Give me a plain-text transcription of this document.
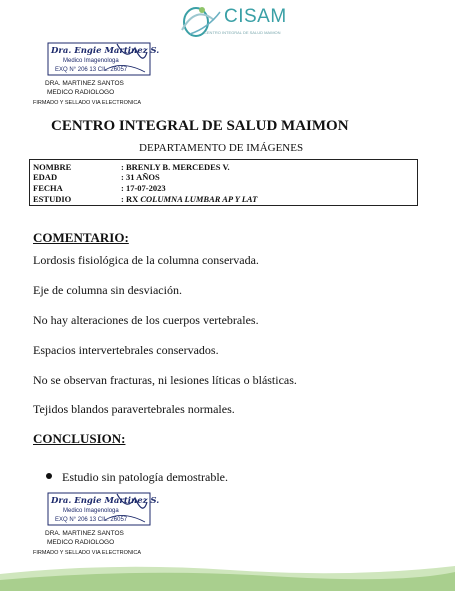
CISAM
CENTRO INTEGRAL DE SALUD MAIMON
Dra. Engie Martinez S.
Medico Imagenologa
EXQ N° 206 13 CIL. 26057
DRA. MARTINEZ SANTOS
MEDICO RADIOLOGO
FIRMADO Y SELLADO VIA ELECTRONICA
CENTRO INTEGRAL DE SALUD MAIMON
DEPARTAMENTO DE IMÁGENES
NOMBRE	: BRENLY B. MERCEDES V.
EDAD	: 31 AÑOS
FECHA	: 17-07-2023
ESTUDIO	: RX COLUMNA LUMBAR AP Y LAT
COMENTARIO:
Lordosis fisiológica de la columna conservada.
Eje de columna sin desviación.
No hay alteraciones de los cuerpos vertebrales.
Espacios intervertebrales conservados.
No se observan fracturas, ni lesiones líticas o blásticas.
Tejidos blandos paravertebrales normales.
CONCLUSION:
Estudio sin patología demostrable.
Dra. Engie Martinez S.
Medico Imagenologa
EXQ N° 206 13 CIL. 26057
DRA. MARTINEZ SANTOS
MEDICO RADIOLOGO
FIRMADO Y SELLADO VIA ELECTRONICA
